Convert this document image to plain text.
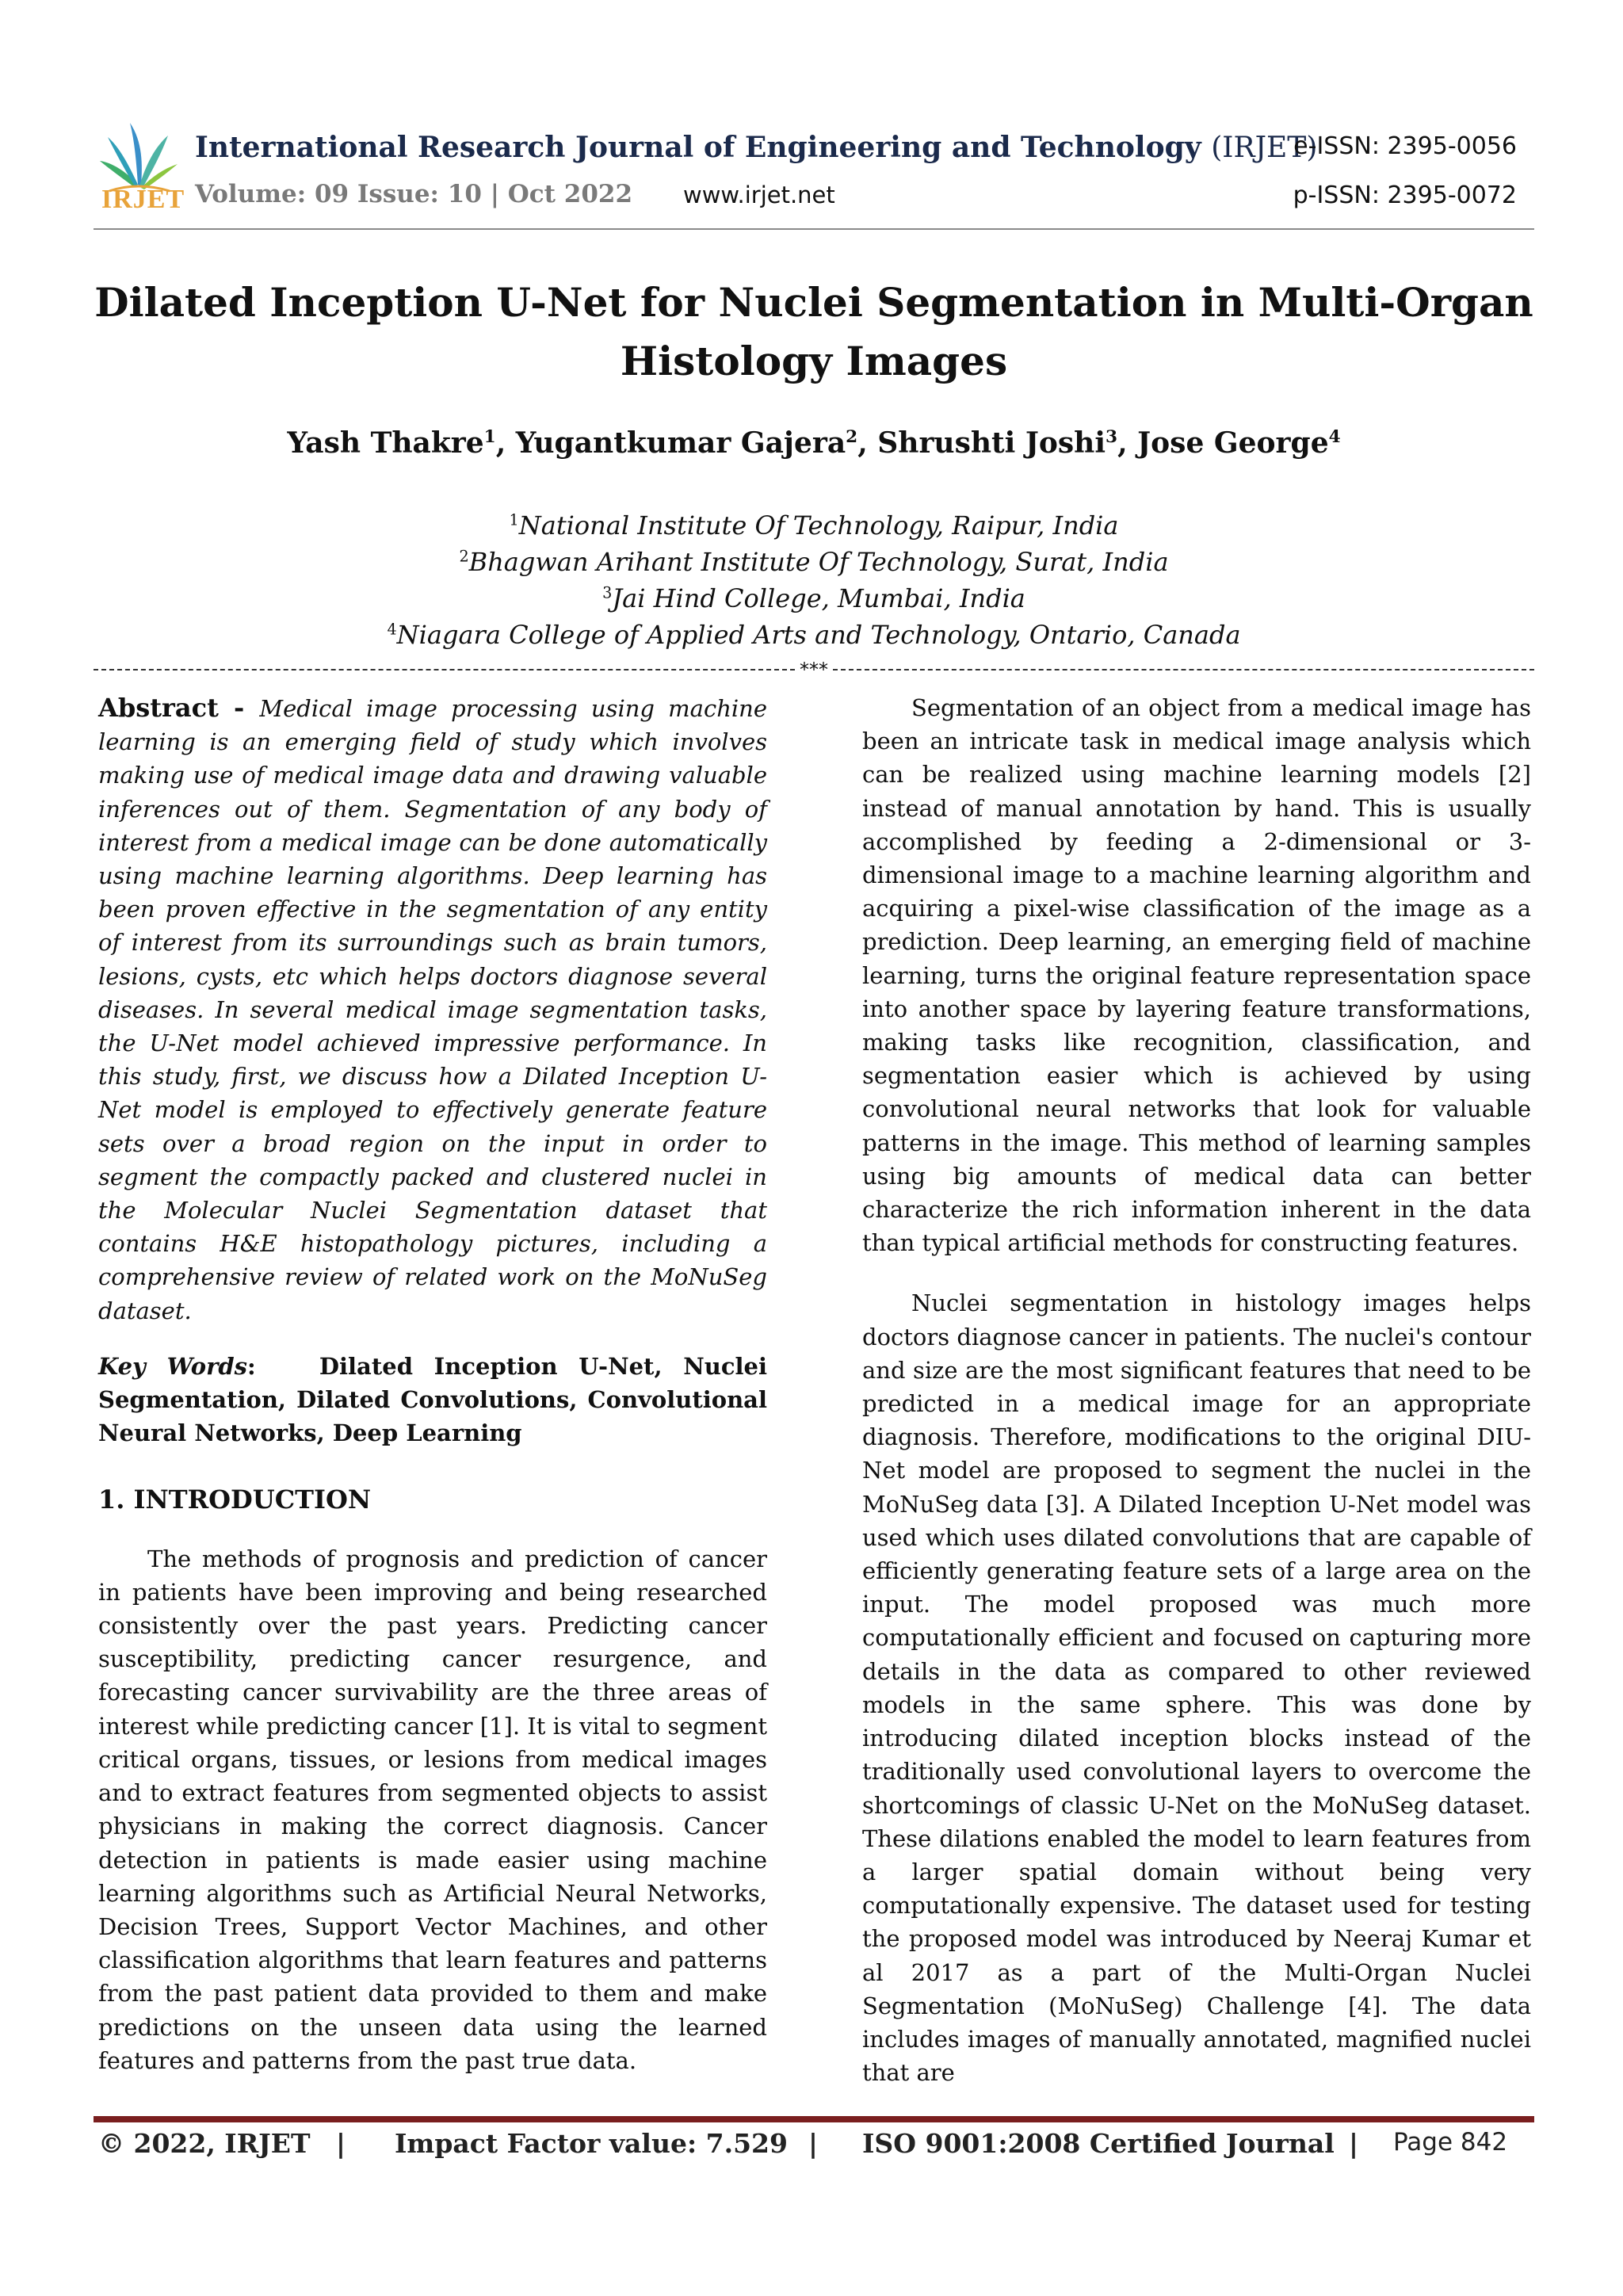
IRJET
International Research Journal of Engineering and Technology (IRJET)
Volume: 09 Issue: 10 | Oct 2022 www.irjet.net
e-ISSN: 2395-0056
p-ISSN: 2395-0072
Dilated Inception U-Net for Nuclei Segmentation in Multi-Organ
Histology Images
Yash Thakre$^1$, Yugantkumar Gajera$^2$, Shrushti Joshi$^3$, Jose George$^4$
$^1$National Institute Of Technology, Raipur, India
$^2$Bhagwan Arihant Institute Of Technology, Surat, India
$^3$Jai Hind College, Mumbai, India
$^4$Niagara College of Applied Arts and Technology, Ontario, Canada
***

Abstract - Medical image processing using machine learning is an emerging field of study which involves making use of medical image data and drawing valuable inferences out of them. Segmentation of any body of interest from a medical image can be done automatically using machine learning algorithms. Deep learning has been proven effective in the segmentation of any entity of interest from its surroundings such as brain tumors, lesions, cysts, etc which helps doctors diagnose several diseases. In several medical image segmentation tasks, the U-Net model achieved impressive performance. In this study, first, we discuss how a Dilated Inception U-Net model is employed to effectively generate feature sets over a broad region on the input in order to segment the compactly packed and clustered nuclei in the Molecular Nuclei Segmentation dataset that contains H&E histopathology pictures, including a comprehensive review of related work on the MoNuSeg dataset.

Key Words:   Dilated Inception U-Net, Nuclei Segmentation, Dilated Convolutions, Convolutional Neural Networks, Deep Learning

1. INTRODUCTION

The methods of prognosis and prediction of cancer in patients have been improving and being researched consistently over the past years. Predicting cancer susceptibility, predicting cancer resurgence, and forecasting cancer survivability are the three areas of interest while predicting cancer [1]. It is vital to segment critical organs, tissues, or lesions from medical images and to extract features from segmented objects to assist physicians in making the correct diagnosis. Cancer detection in patients is made easier using machine learning algorithms such as Artificial Neural Networks, Decision Trees, Support Vector Machines, and other classification algorithms that learn features and patterns from the past patient data provided to them and make predictions on the unseen data using the learned features and patterns from the past true data.

Segmentation of an object from a medical image has been an intricate task in medical image analysis which can be realized using machine learning models [2] instead of manual annotation by hand. This is usually accomplished by feeding a 2-dimensional or 3-dimensional image to a machine learning algorithm and acquiring a pixel-wise classification of the image as a prediction. Deep learning, an emerging field of machine learning, turns the original feature representation space into another space by layering feature transformations, making tasks like recognition, classification, and segmentation easier which is achieved by using convolutional neural networks that look for valuable patterns in the image. This method of learning samples using big amounts of medical data can better characterize the rich information inherent in the data than typical artificial methods for constructing features.

Nuclei segmentation in histology images helps doctors diagnose cancer in patients. The nuclei's contour and size are the most significant features that need to be predicted in a medical image for an appropriate diagnosis. Therefore, modifications to the original DIU-Net model are proposed to segment the nuclei in the MoNuSeg data [3]. A Dilated Inception U-Net model was used which uses dilated convolutions that are capable of efficiently generating feature sets of a large area on the input. The model proposed was much more computationally efficient and focused on capturing more details in the data as compared to other reviewed models in the same sphere. This was done by introducing dilated inception blocks instead of the traditionally used convolutional layers to overcome the shortcomings of classic U-Net on the MoNuSeg dataset. These dilations enabled the model to learn features from a larger spatial domain without being very computationally expensive. The dataset used for testing the proposed model was introduced by Neeraj Kumar et al 2017 as a part of the Multi-Organ Nuclei Segmentation (MoNuSeg) Challenge [4]. The data includes images of manually annotated, magnified nuclei that are

© 2022, IRJET | Impact Factor value: 7.529 | ISO 9001:2008 Certified Journal | Page 842
